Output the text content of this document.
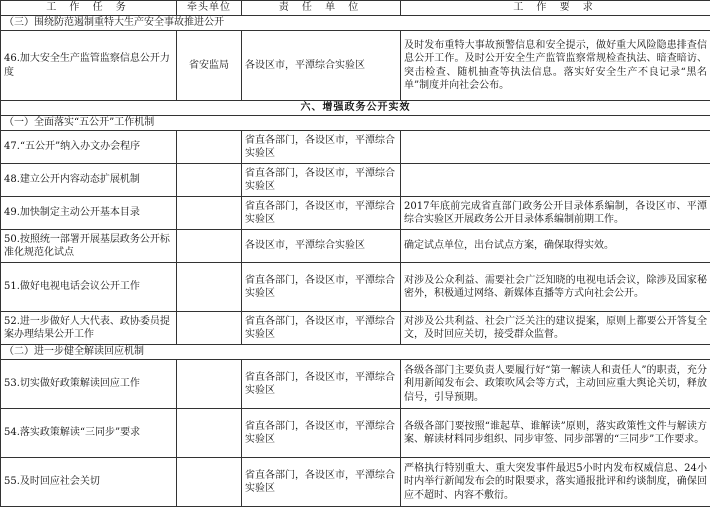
工 作 任 务	牵头单位	责 任 单 位	工 作 要 求
（三）围绕防范遏制重特大生产安全事故推进公开			
46.加大安全生产监管监察信息公开力度	省安监局	各设区市，平潭综合实验区	及时发布重特大事故预警信息和安全提示，做好重大风险隐患排查信息公开工作。及时公开安全生产监管监察常规检查执法、暗查暗访、突击检查、随机抽查等执法信息。落实好安全生产不良记录“黑名单”制度并向社会公布。
六、增强政务公开实效			
（一）全面落实“五公开”工作机制			
47.“五公开”纳入办文办会程序		省直各部门，各设区市，平潭综合实验区	
48.建立公开内容动态扩展机制		省直各部门，各设区市，平潭综合实验区	
49.加快制定主动公开基本目录		省直各部门，各设区市，平潭综合实验区	2017年底前完成省直部门政务公开目录体系编制，各设区市、平潭综合实验区开展政务公开目录体系编制前期工作。
50.按照统一部署开展基层政务公开标准化规范化试点		各设区市，平潭综合实验区	确定试点单位，出台试点方案，确保取得实效。
51.做好电视电话会议公开工作		省直各部门，各设区市，平潭综合实验区	对涉及公众利益、需要社会广泛知晓的电视电话会议，除涉及国家秘密外，积极通过网络、新媒体直播等方式向社会公开。
52.进一步做好人大代表、政协委员提案办理结果公开工作		省直各部门，各设区市，平潭综合实验区	对涉及公共利益、社会广泛关注的建议提案，原则上都要公开答复全文，及时回应关切，接受群众监督。
（二）进一步健全解读回应机制			
53.切实做好政策解读回应工作		省直各部门，各设区市，平潭综合实验区	各级各部门主要负责人要履行好“第一解读人和责任人”的职责，充分利用新闻发布会、政策吹风会等方式，主动回应重大舆论关切，释放信号，引导预期。
54.落实政策解读“三同步”要求		省直各部门，各设区市，平潭综合实验区	各级各部门要按照“谁起草、谁解读”原则，落实政策性文件与解读方案、解读材料同步组织、同步审签、同步部署的“三同步”工作要求。
55.及时回应社会关切		省直各部门，各设区市，平潭综合实验区	严格执行特别重大、重大突发事件最迟5小时内发布权威信息、24小时内举行新闻发布会的时限要求，落实通报批评和约谈制度，确保回应不超时、内容不敷衍。
